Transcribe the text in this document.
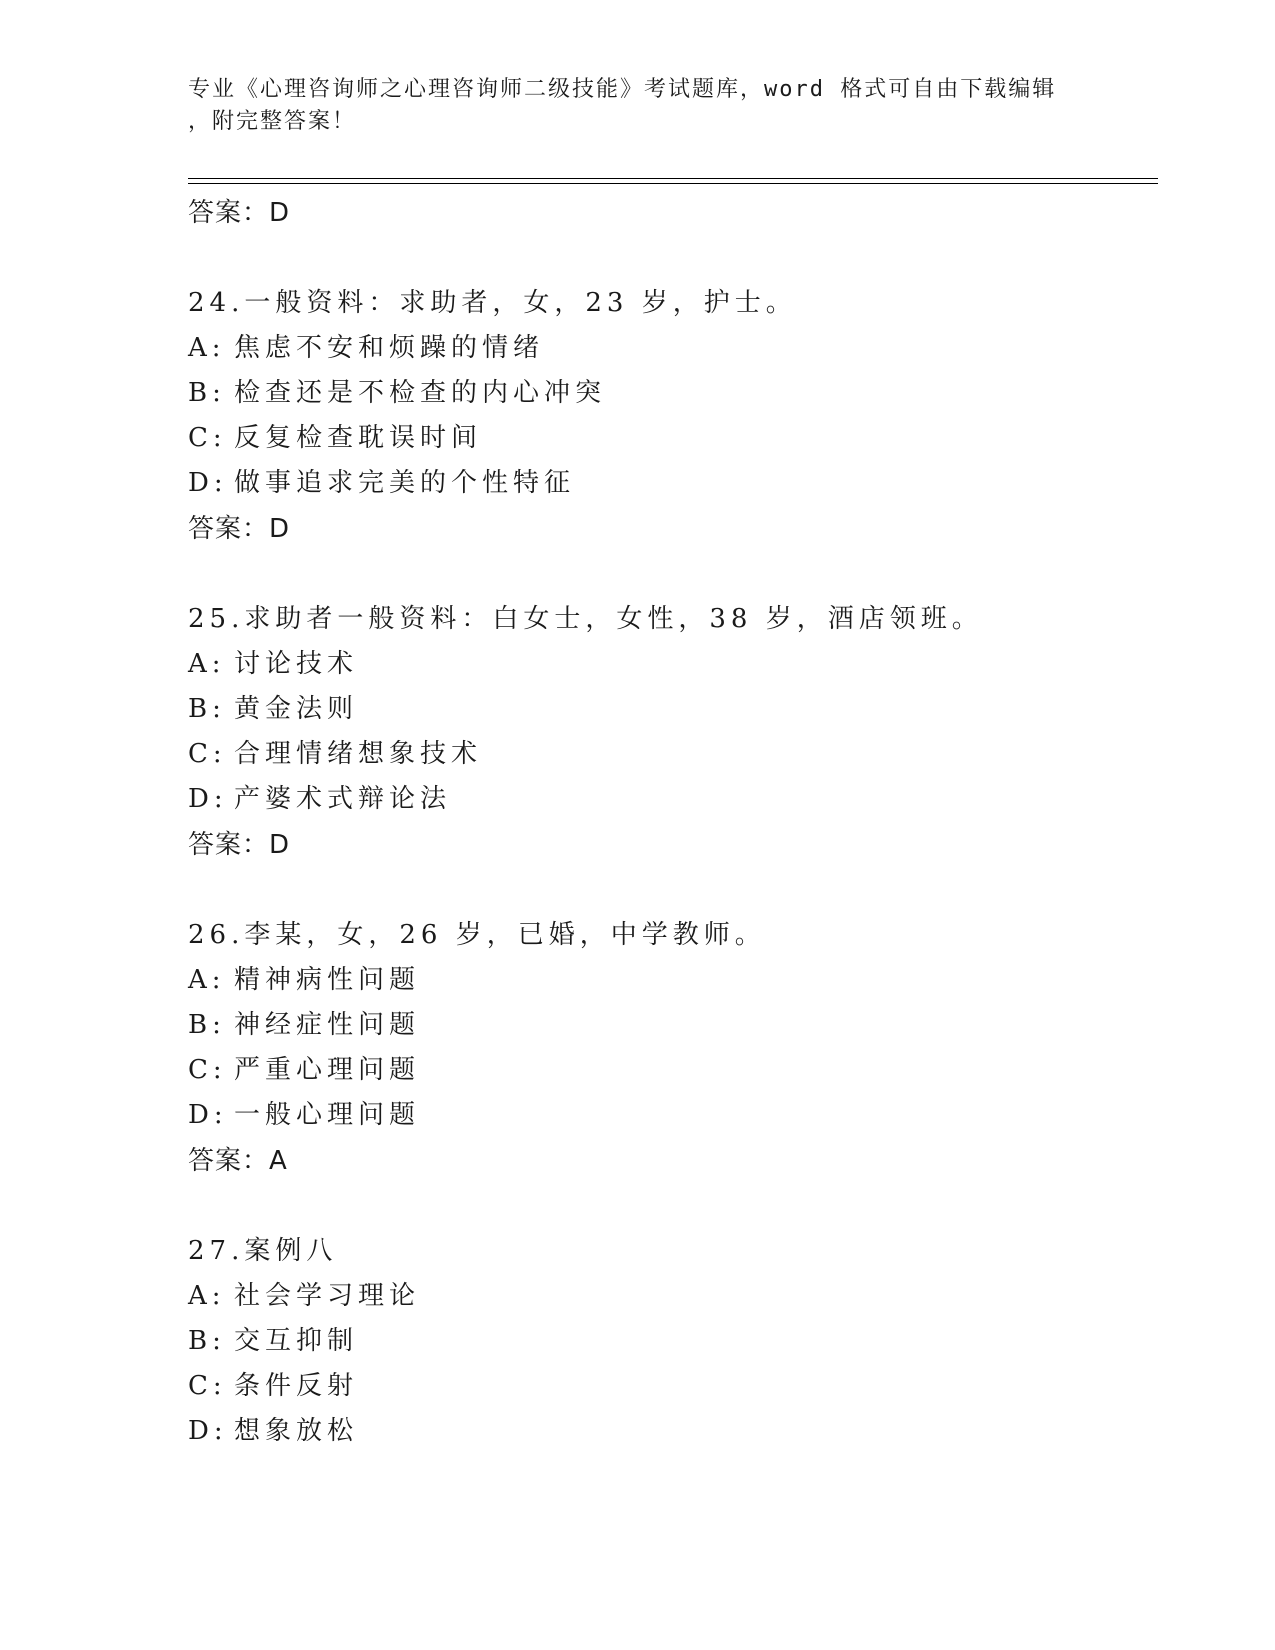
专业《心理咨询师之心理咨询师二级技能》考试题库，word 格式可自由下载编辑
，附完整答案！
答案：D
24.一般资料：求助者，女，23 岁，护士。
A: 焦虑不安和烦躁的情绪
B: 检查还是不检查的内心冲突
C: 反复检查耽误时间
D: 做事追求完美的个性特征
答案：D
25.求助者一般资料：白女士，女性，38 岁，酒店领班。
A: 讨论技术
B: 黄金法则
C: 合理情绪想象技术
D: 产婆术式辩论法
答案：D
26.李某，女，26 岁，已婚，中学教师。
A: 精神病性问题
B: 神经症性问题
C: 严重心理问题
D: 一般心理问题
答案：A
27.案例八
A: 社会学习理论
B: 交互抑制
C: 条件反射
D: 想象放松
